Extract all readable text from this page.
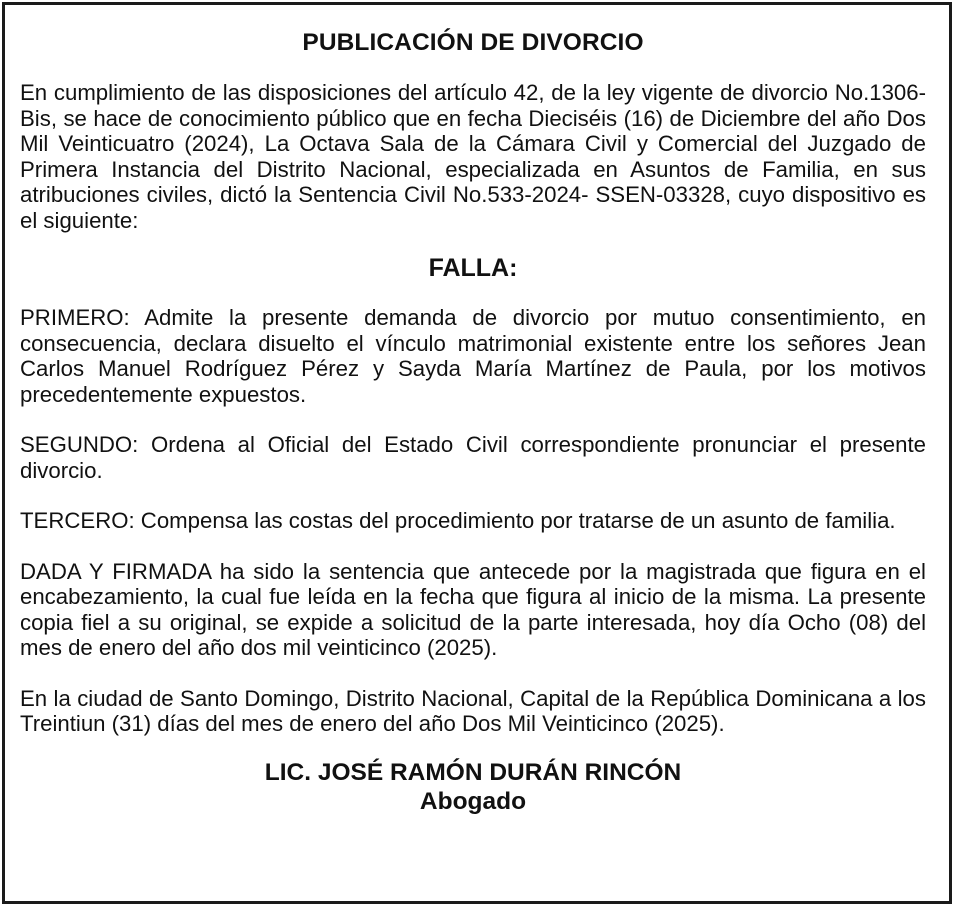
PUBLICACIÓN DE DIVORCIO

En cumplimiento de las disposiciones del artículo 42, de la ley vigente de divorcio No.1306-Bis, se hace de conocimiento público que en fecha Dieciséis (16) de Diciembre del año Dos Mil Veinticuatro (2024), La Octava Sala de la Cámara Civil y Comercial del Juzgado de Primera Instancia del Distrito Nacional, especializada en Asuntos de Familia, en sus atribuciones civiles, dictó la Sentencia Civil No.533-2024- SSEN-03328, cuyo dispositivo es el siguiente:

FALLA:

PRIMERO: Admite la presente demanda de divorcio por mutuo consentimiento, en consecuencia, declara disuelto el vínculo matrimonial existente entre los señores Jean Carlos Manuel Rodríguez Pérez y Sayda María Martínez de Paula, por los motivos precedentemente expuestos.

SEGUNDO: Ordena al Oficial del Estado Civil correspondiente pronunciar el presente divorcio.

TERCERO: Compensa las costas del procedimiento por tratarse de un asunto de familia.

DADA Y FIRMADA ha sido la sentencia que antecede por la magistrada que figura en el encabezamiento, la cual fue leída en la fecha que figura al inicio de la misma. La presente copia fiel a su original, se expide a solicitud de la parte interesada, hoy día Ocho (08) del mes de enero del año dos mil veinticinco (2025).

En la ciudad de Santo Domingo, Distrito Nacional, Capital de la República Dominicana a los Treintiun (31) días del mes de enero del año Dos Mil Veinticinco (2025).

LIC. JOSÉ RAMÓN DURÁN RINCÓN
Abogado
